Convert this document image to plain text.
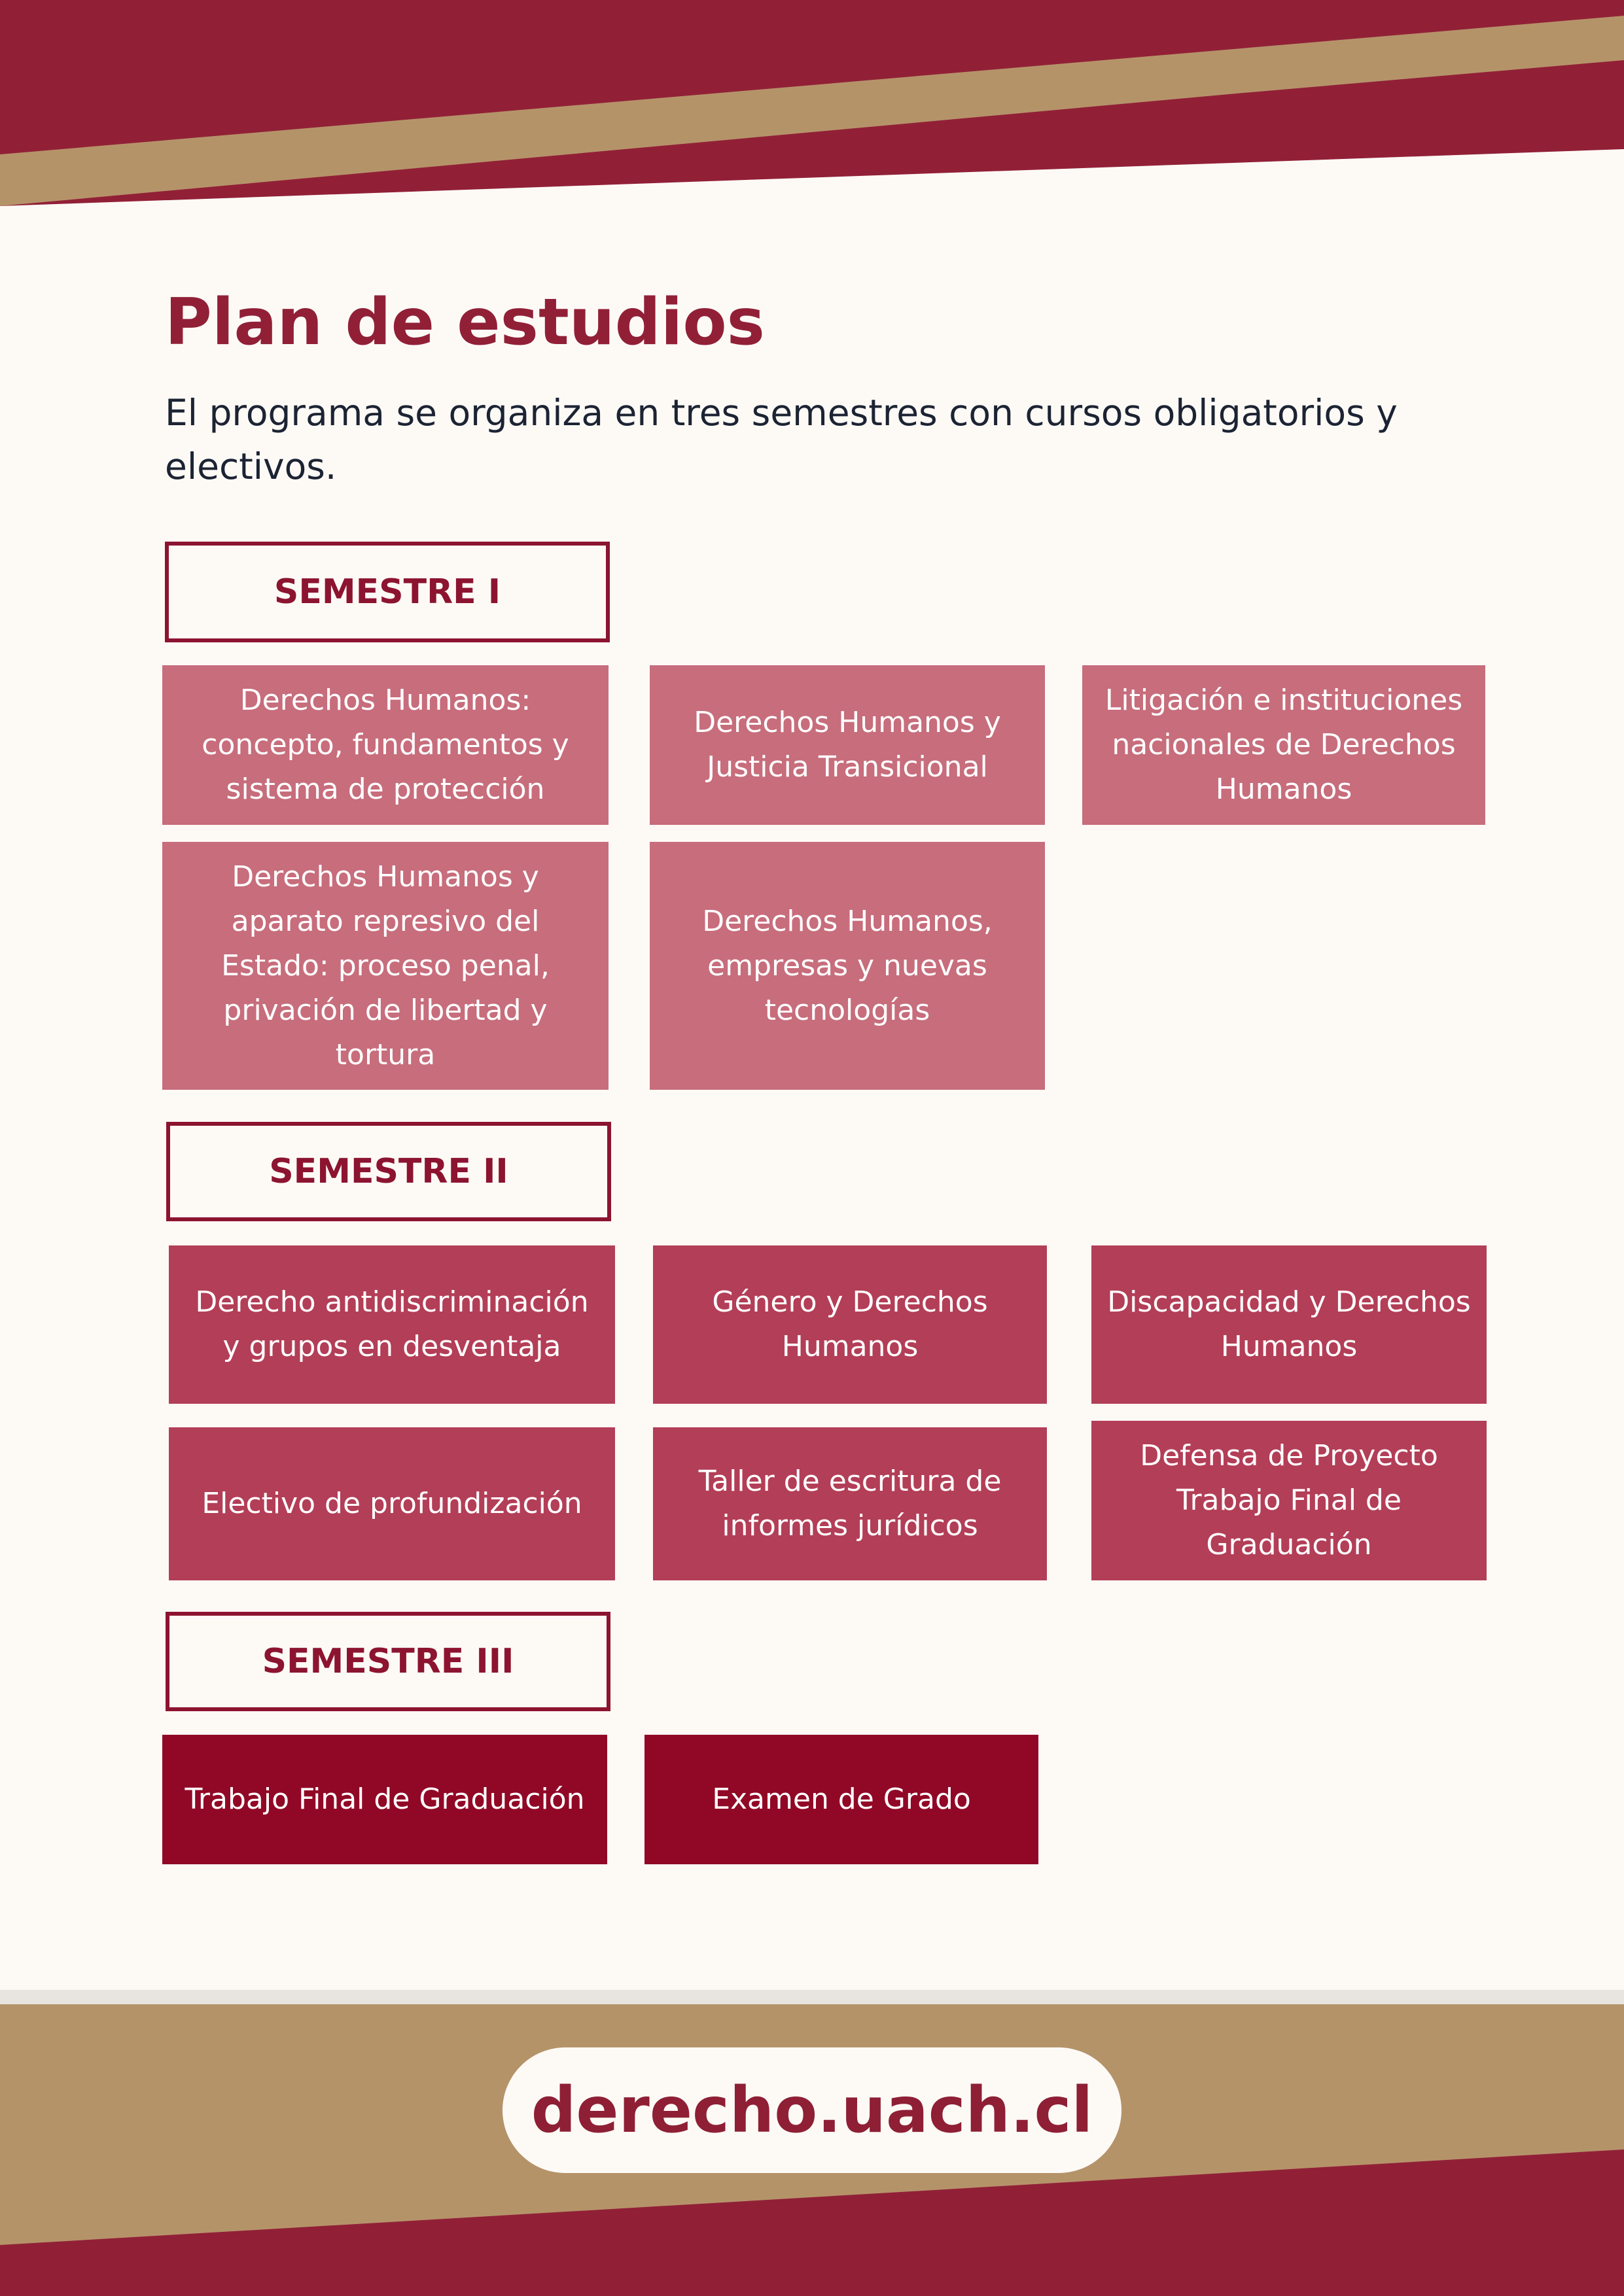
Plan de estudios

El programa se organiza en tres semestres con cursos obligatorios y electivos.

SEMESTRE I
Derechos Humanos: concepto, fundamentos y sistema de protección
Derechos Humanos y Justicia Transicional
Litigación e instituciones nacionales de Derechos Humanos
Derechos Humanos y aparato represivo del Estado: proceso penal, privación de libertad y tortura
Derechos Humanos, empresas y nuevas tecnologías
SEMESTRE II
Derecho antidiscriminación y grupos en desventaja
Género y Derechos Humanos
Discapacidad y Derechos Humanos
Electivo de profundización
Taller de escritura de informes jurídicos
Defensa de Proyecto Trabajo Final de Graduación
SEMESTRE III
Trabajo Final de Graduación	Examen de Grado
derecho.uach.cl
